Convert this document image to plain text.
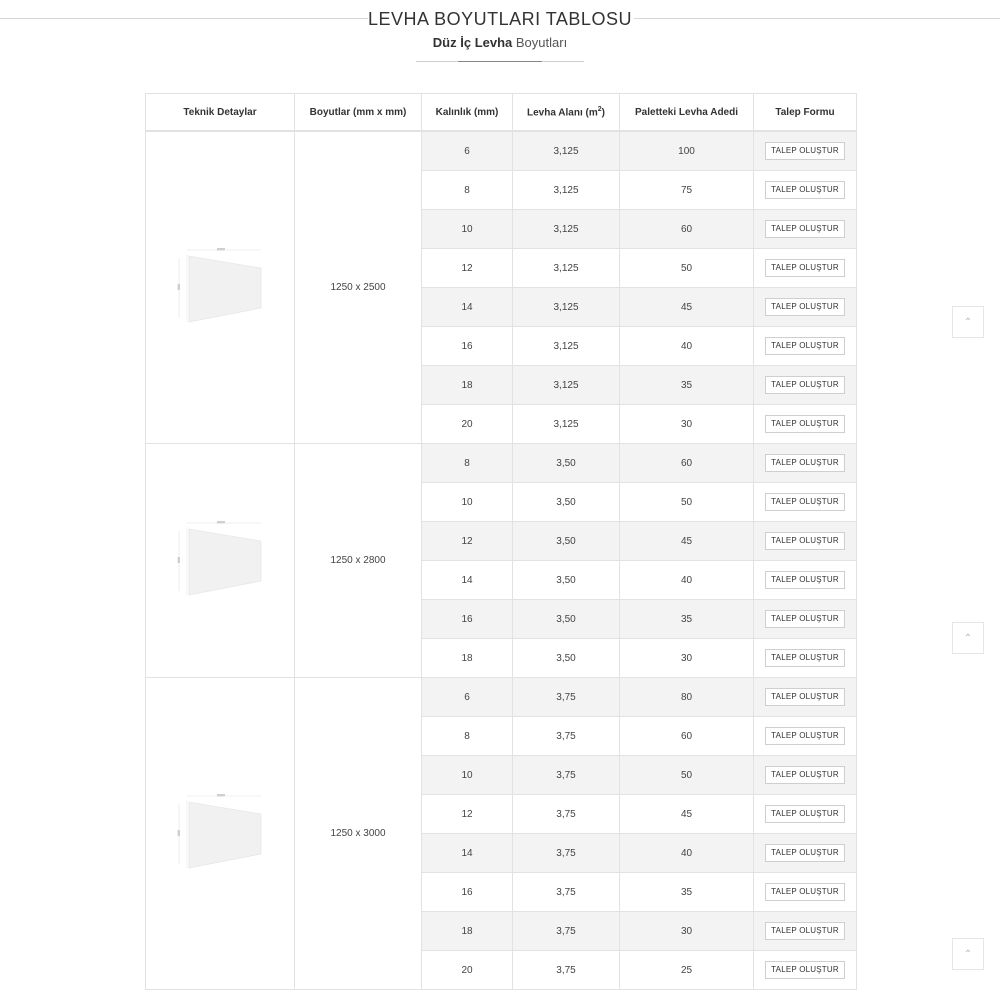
LEVHA BOYUTLARI TABLOSU
Düz İç Levha Boyutları
Teknik Detaylar	Boyutlar (mm x mm)	Kalınlık (mm)	Levha Alanı $(m^2)$	Paletteki Levha Adedi	Talep Formu
	1250 x 2500	6	3,125	100	TALEP OLUŞTUR
		8	3,125	75	TALEP OLUŞTUR
		10	3,125	60	TALEP OLUŞTUR
		12	3,125	50	TALEP OLUŞTUR
		14	3,125	45	TALEP OLUŞTUR
		16	3,125	40	TALEP OLUŞTUR
		18	3,125	35	TALEP OLUŞTUR
		20	3,125	30	TALEP OLUŞTUR
	1250 x 2800	8	3,50	60	TALEP OLUŞTUR
		10	3,50	50	TALEP OLUŞTUR
		12	3,50	45	TALEP OLUŞTUR
		14	3,50	40	TALEP OLUŞTUR
		16	3,50	35	TALEP OLUŞTUR
		18	3,50	30	TALEP OLUŞTUR
	1250 x 3000	6	3,75	80	TALEP OLUŞTUR
		8	3,75	60	TALEP OLUŞTUR
		10	3,75	50	TALEP OLUŞTUR
		12	3,75	45	TALEP OLUŞTUR
		14	3,75	40	TALEP OLUŞTUR
		16	3,75	35	TALEP OLUŞTUR
		18	3,75	30	TALEP OLUŞTUR
		20	3,75	25	TALEP OLUŞTUR
⌃
⌃
⌃
